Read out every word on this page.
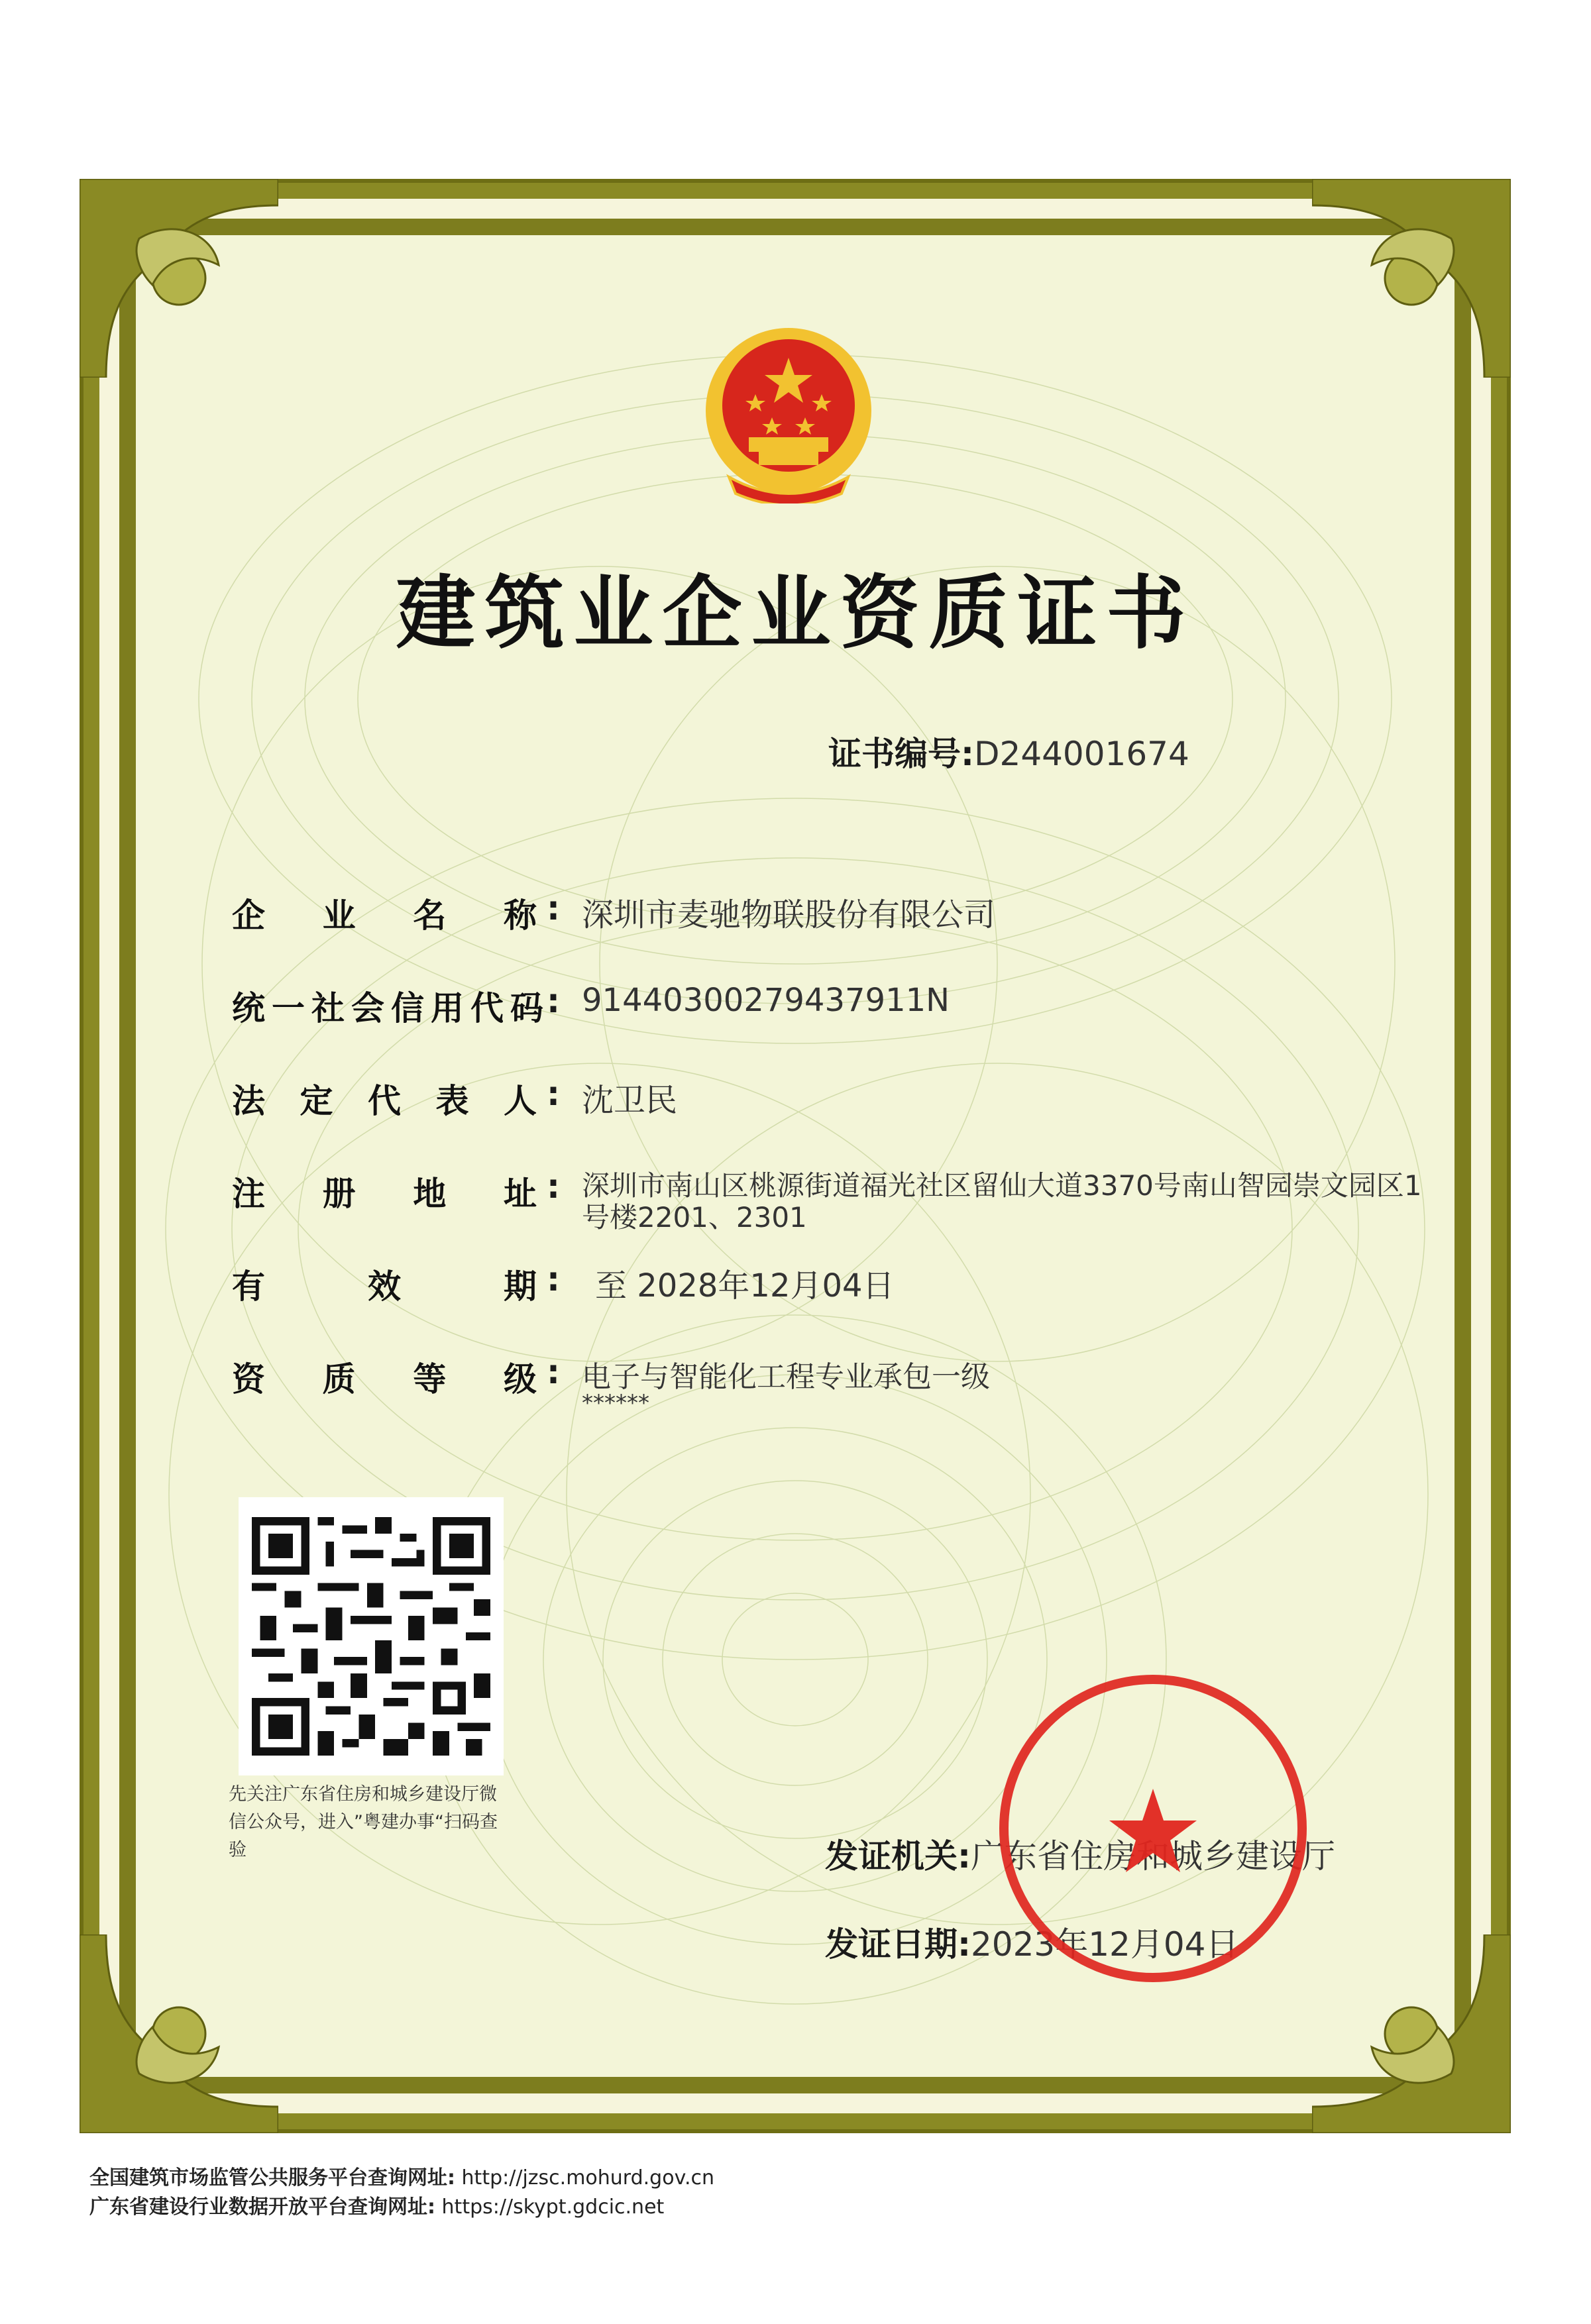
建筑业企业资质证书
证书编号:D244001674
企 业 名 称 : 深圳市麦驰物联股份有限公司
统 一 社 会 信 用 代 码 : 91440300279437911N
法 定 代 表 人 : 沈卫民
注 册 地 址 : 深圳市南山区桃源街道福光社区留仙大道3370号南山智园崇文园区1号楼2201、2301
有	效	期 : 至 2028年12月04日
资 质 等 级 : 电子与智能化工程专业承包一级
******
先关注广东省住房和城乡建设厅微信公众号，进入”粤建办事“扫码查验	发证机关:广东省住房和城乡建设厅
发证日期:2023年12月04日
全国建筑市场监管公共服务平台查询网址: http://jzsc.mohurd.gov.cn
广东省建设行业数据开放平台查询网址: https://skypt.gdcic.net
